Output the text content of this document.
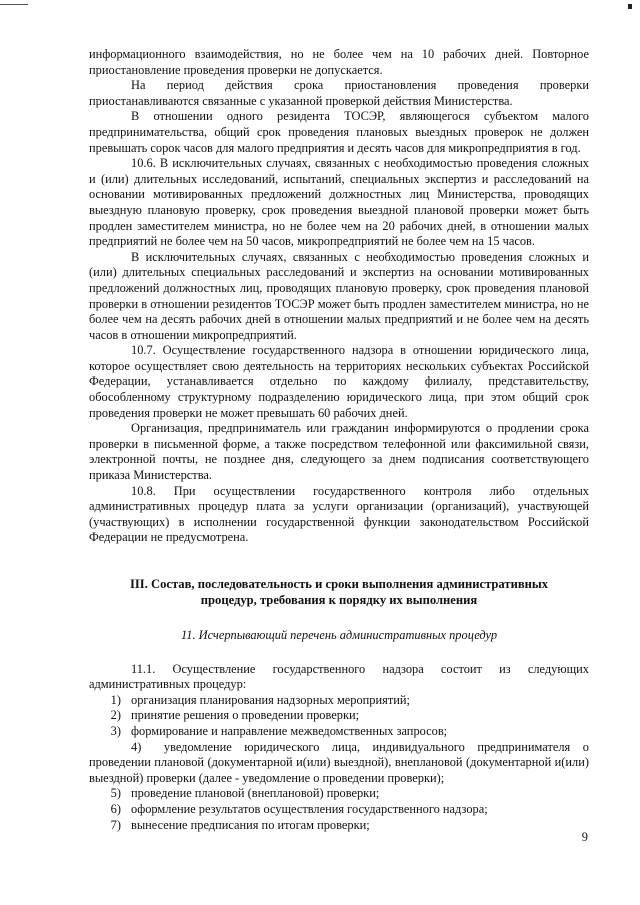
информационного взаимодействия, но не более чем на 10 рабочих дней. Повторное приостановление проведения проверки не допускается.

На период действия срока приостановления проведения проверки приостанавливаются связанные с указанной проверкой действия Министерства.

В отношении одного резидента ТОСЭР, являющегося субъектом малого предпринимательства, общий срок проведения плановых выездных проверок не должен превышать сорок часов для малого предприятия и десять часов для микропредприятия в год.

10.6. В исключительных случаях, связанных с необходимостью проведения сложных и (или) длительных исследований, испытаний, специальных экспертиз и расследований на основании мотивированных предложений должностных лиц Министерства, проводящих выездную плановую проверку, срок проведения выездной плановой проверки может быть продлен заместителем министра, но не более чем на 20 рабочих дней, в отношении малых предприятий не более чем на 50 часов, микропредприятий не более чем на 15 часов.

В исключительных случаях, связанных с необходимостью проведения сложных и (или) длительных специальных расследований и экспертиз на основании мотивированных предложений должностных лиц, проводящих плановую проверку, срок проведения плановой проверки в отношении резидентов ТОСЭР может быть продлен заместителем министра, но не более чем на десять рабочих дней в отношении малых предприятий и не более чем на десять часов в отношении микропредприятий.

10.7. Осуществление государственного надзора в отношении юридического лица, которое осуществляет свою деятельность на территориях нескольких субъектах Российской Федерации, устанавливается отдельно по каждому филиалу, представительству, обособленному структурному подразделению юридического лица, при этом общий срок проведения проверки не может превышать 60 рабочих дней.

Организация, предприниматель или гражданин информируются о продлении срока проверки в письменной форме, а также посредством телефонной или факсимильной связи, электронной почты, не позднее дня, следующего за днем подписания соответствующего приказа Министерства.

10.8. При осуществлении государственного контроля либо отдельных административных процедур плата за услуги организации (организаций), участвующей (участвующих) в исполнении государственной функции законодательством Российской Федерации не предусмотрена.

III. Состав, последовательность и сроки выполнения административных процедур, требования к порядку их выполнения

11. Исчерпывающий перечень административных процедур

11.1. Осуществление государственного надзора состоит из следующих административных процедур:

1) организация планирования надзорных мероприятий;
2) принятие решения о проведении проверки;
3) формирование и направление межведомственных запросов;
4) уведомление юридического лица, индивидуального предпринимателя о проведении плановой (документарной и(или) выездной), внеплановой (документарной и(или) выездной) проверки (далее - уведомление о проведении проверки);
5) проведение плановой (внеплановой) проверки;
6) оформление результатов осуществления государственного надзора;
7) вынесение предписания по итогам проверки;
9
